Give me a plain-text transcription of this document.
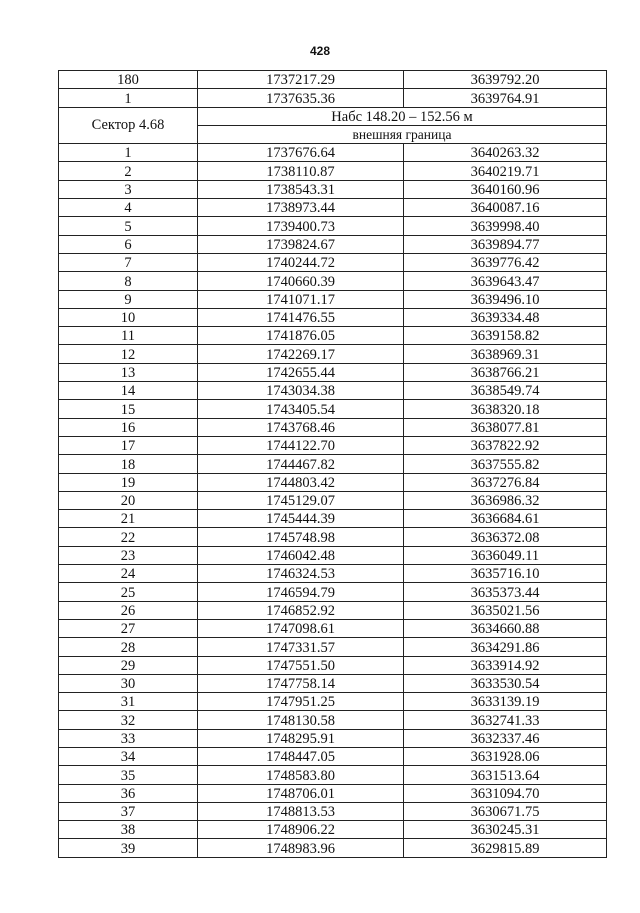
428
180	1737217.29	3639792.20
1	1737635.36	3639764.91
Сектор 4.68	Набс 148.20 – 152.56 м	
	внешняя граница	
1	1737676.64	3640263.32
2	1738110.87	3640219.71
3	1738543.31	3640160.96
4	1738973.44	3640087.16
5	1739400.73	3639998.40
6	1739824.67	3639894.77
7	1740244.72	3639776.42
8	1740660.39	3639643.47
9	1741071.17	3639496.10
10	1741476.55	3639334.48
11	1741876.05	3639158.82
12	1742269.17	3638969.31
13	1742655.44	3638766.21
14	1743034.38	3638549.74
15	1743405.54	3638320.18
16	1743768.46	3638077.81
17	1744122.70	3637822.92
18	1744467.82	3637555.82
19	1744803.42	3637276.84
20	1745129.07	3636986.32
21	1745444.39	3636684.61
22	1745748.98	3636372.08
23	1746042.48	3636049.11
24	1746324.53	3635716.10
25	1746594.79	3635373.44
26	1746852.92	3635021.56
27	1747098.61	3634660.88
28	1747331.57	3634291.86
29	1747551.50	3633914.92
30	1747758.14	3633530.54
31	1747951.25	3633139.19
32	1748130.58	3632741.33
33	1748295.91	3632337.46
34	1748447.05	3631928.06
35	1748583.80	3631513.64
36	1748706.01	3631094.70
37	1748813.53	3630671.75
38	1748906.22	3630245.31
39	1748983.96	3629815.89
